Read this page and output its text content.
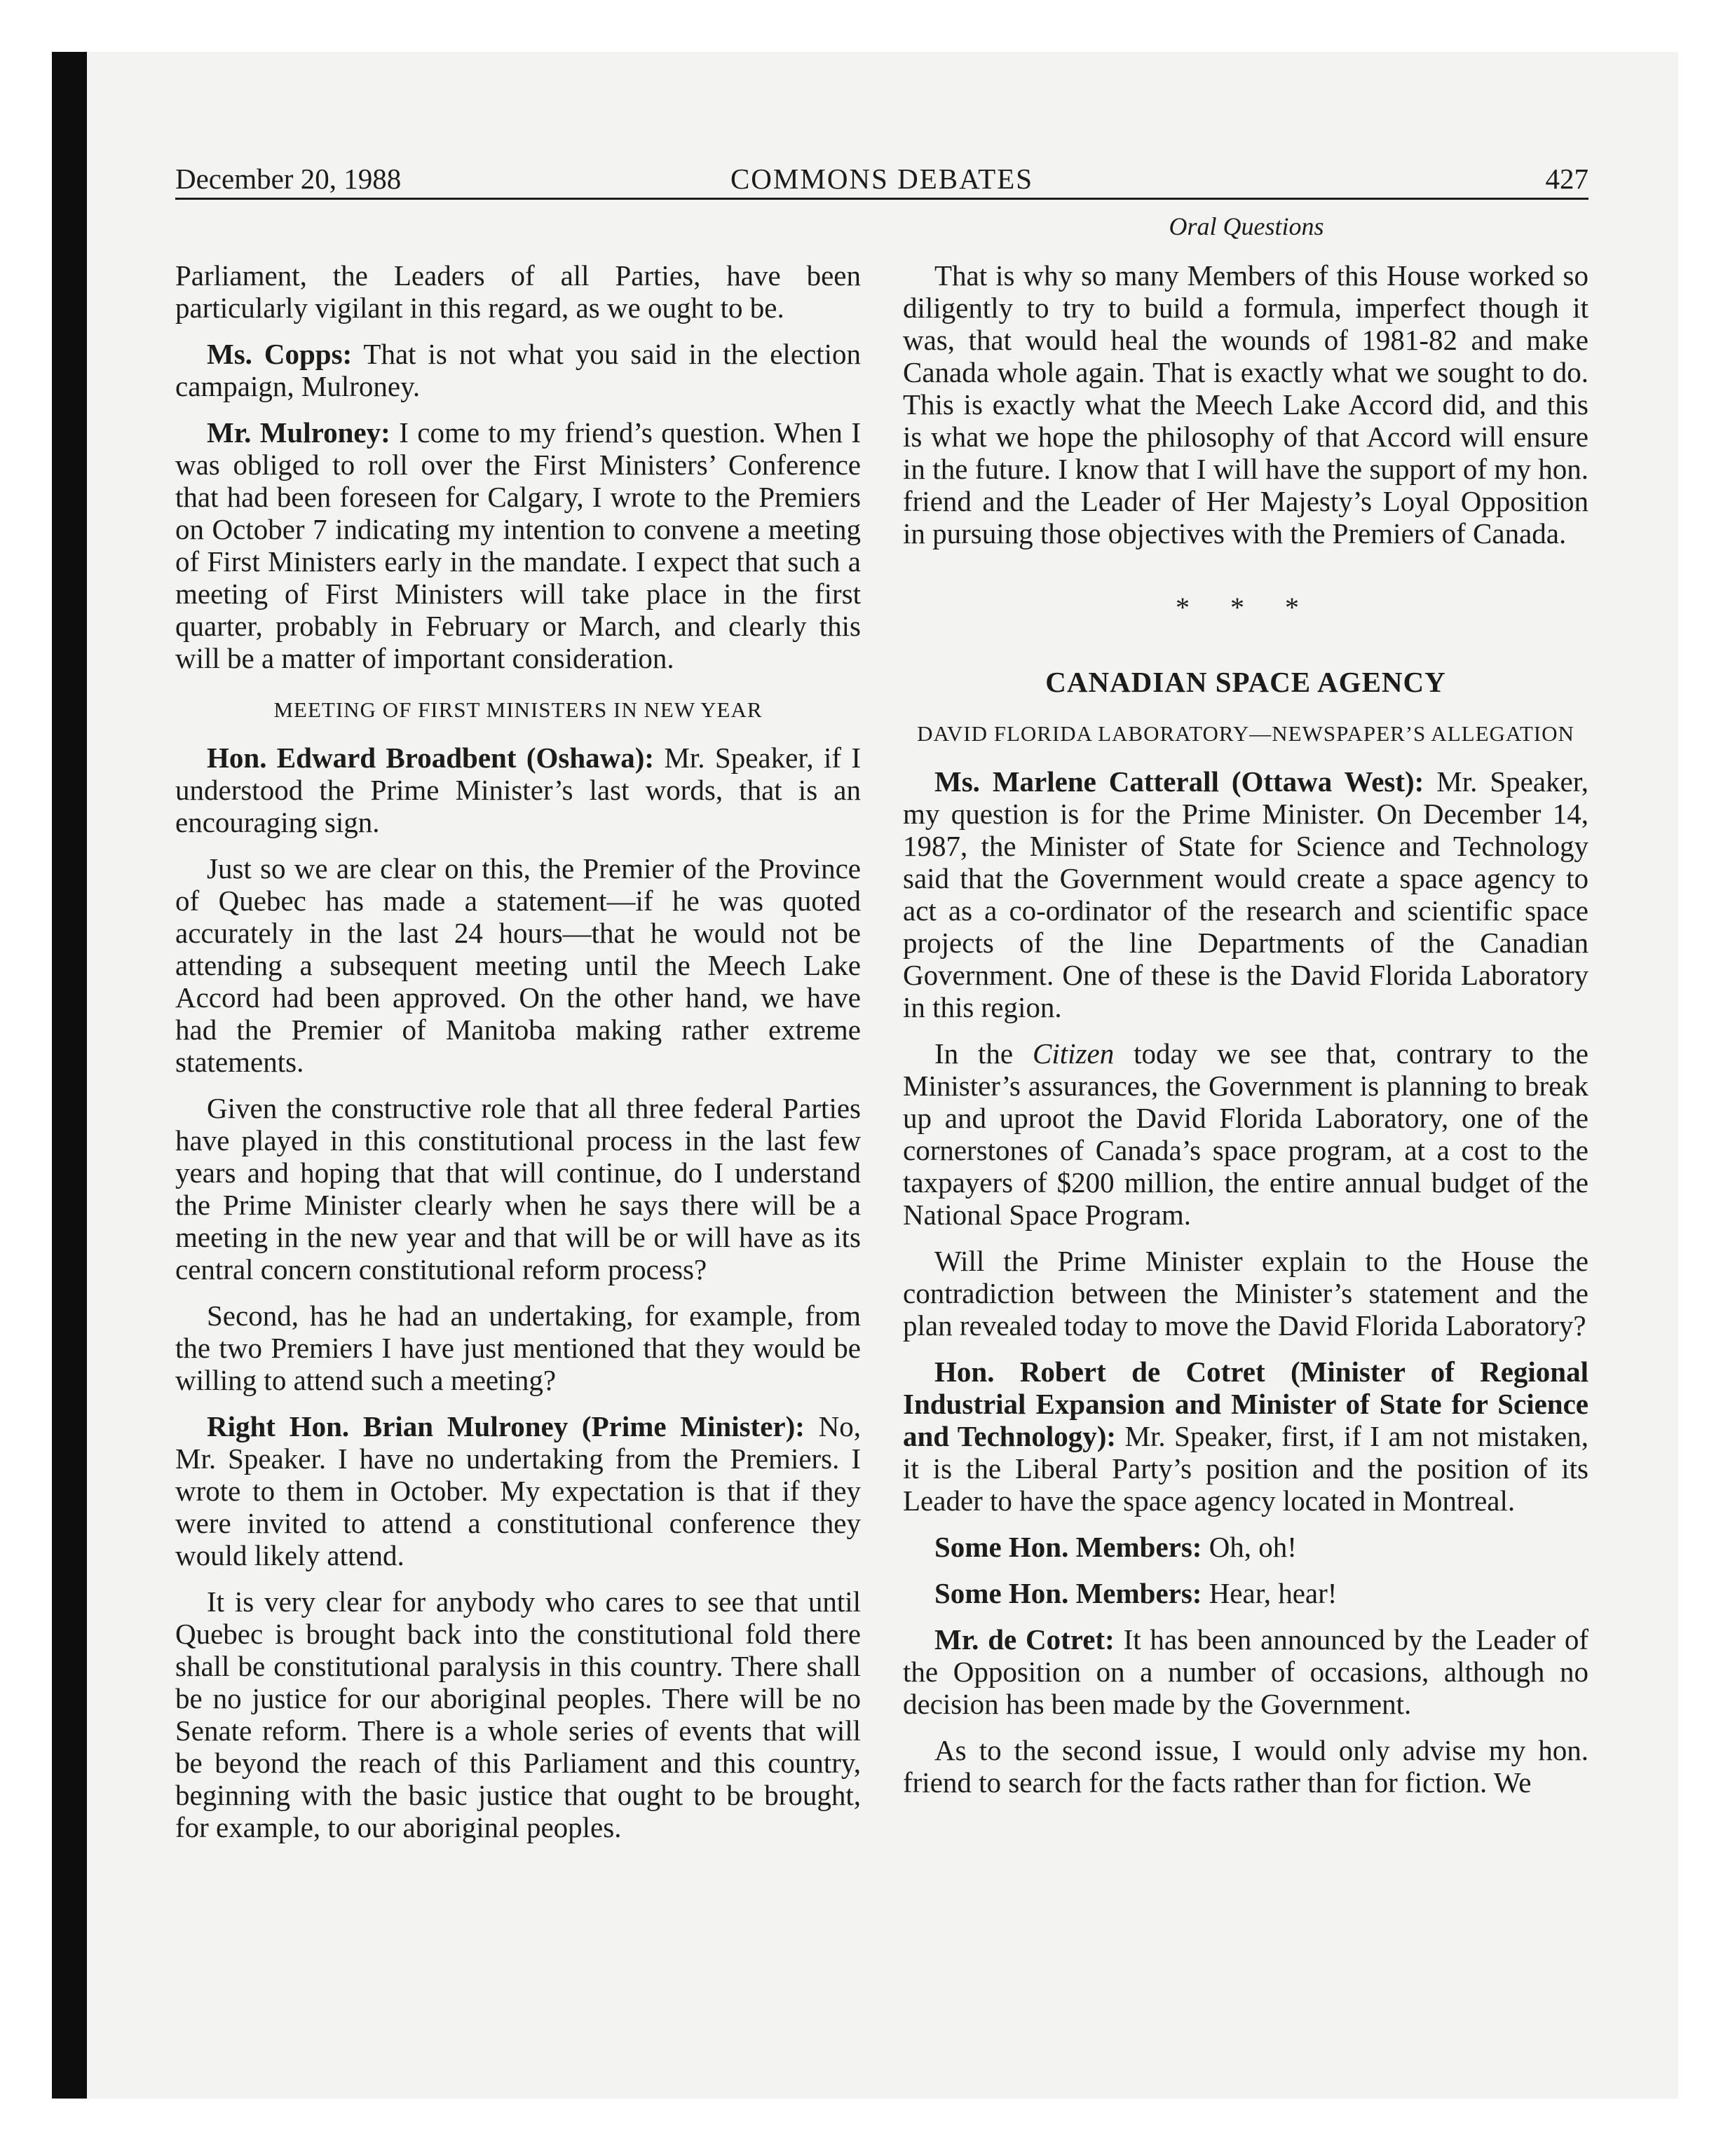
December 20, 1988	COMMONS DEBATES	427
Oral Questions

Parliament, the Leaders of all Parties, have been particularly vigilant in this regard, as we ought to be.

Ms. Copps: That is not what you said in the election campaign, Mulroney.

Mr. Mulroney: I come to my friend’s question. When I was obliged to roll over the First Ministers’ Conference that had been foreseen for Calgary, I wrote to the Premiers on October 7 indicating my intention to convene a meeting of First Ministers early in the mandate. I expect that such a meeting of First Ministers will take place in the first quarter, probably in February or March, and clearly this will be a matter of important consideration.

MEETING OF FIRST MINISTERS IN NEW YEAR

Hon. Edward Broadbent (Oshawa): Mr. Speaker, if I understood the Prime Minister’s last words, that is an encouraging sign.

Just so we are clear on this, the Premier of the Province of Quebec has made a statement—if he was quoted accurately in the last 24 hours—that he would not be attending a subsequent meeting until the Meech Lake Accord had been approved. On the other hand, we have had the Premier of Manitoba making rather extreme statements.

Given the constructive role that all three federal Parties have played in this constitutional process in the last few years and hoping that that will continue, do I understand the Prime Minister clearly when he says there will be a meeting in the new year and that will be or will have as its central concern constitutional reform process?

Second, has he had an undertaking, for example, from the two Premiers I have just mentioned that they would be willing to attend such a meeting?

Right Hon. Brian Mulroney (Prime Minister): No, Mr. Speaker. I have no undertaking from the Premiers. I wrote to them in October. My expectation is that if they were invited to attend a constitutional conference they would likely attend.

It is very clear for anybody who cares to see that until Quebec is brought back into the constitutional fold there shall be constitutional paralysis in this country. There shall be no justice for our aboriginal peoples. There will be no Senate reform. There is a whole series of events that will be beyond the reach of this Parliament and this country, beginning with the basic justice that ought to be brought, for example, to our aboriginal peoples.

That is why so many Members of this House worked so diligently to try to build a formula, imperfect though it was, that would heal the wounds of 1981-82 and make Canada whole again. That is exactly what we sought to do. This is exactly what the Meech Lake Accord did, and this is what we hope the philosophy of that Accord will ensure in the future. I know that I will have the support of my hon. friend and the Leader of Her Majesty’s Loyal Opposition in pursuing those objectives with the Premiers of Canada.

* * *

CANADIAN SPACE AGENCY

DAVID FLORIDA LABORATORY—NEWSPAPER’S ALLEGATION

Ms. Marlene Catterall (Ottawa West): Mr. Speaker, my question is for the Prime Minister. On December 14, 1987, the Minister of State for Science and Technology said that the Government would create a space agency to act as a co-ordinator of the research and scientific space projects of the line Departments of the Canadian Government. One of these is the David Florida Laboratory in this region.

In the Citizen today we see that, contrary to the Minister’s assurances, the Government is planning to break up and uproot the David Florida Laboratory, one of the cornerstones of Canada’s space program, at a cost to the taxpayers of $200 million, the entire annual budget of the National Space Program.

Will the Prime Minister explain to the House the contradiction between the Minister’s statement and the plan revealed today to move the David Florida Laboratory?

Hon. Robert de Cotret (Minister of Regional Industrial Expansion and Minister of State for Science and Technology): Mr. Speaker, first, if I am not mistaken, it is the Liberal Party’s position and the position of its Leader to have the space agency located in Montreal.

Some Hon. Members: Oh, oh!

Some Hon. Members: Hear, hear!

Mr. de Cotret: It has been announced by the Leader of the Opposition on a number of occasions, although no decision has been made by the Government.

As to the second issue, I would only advise my hon. friend to search for the facts rather than for fiction. We
